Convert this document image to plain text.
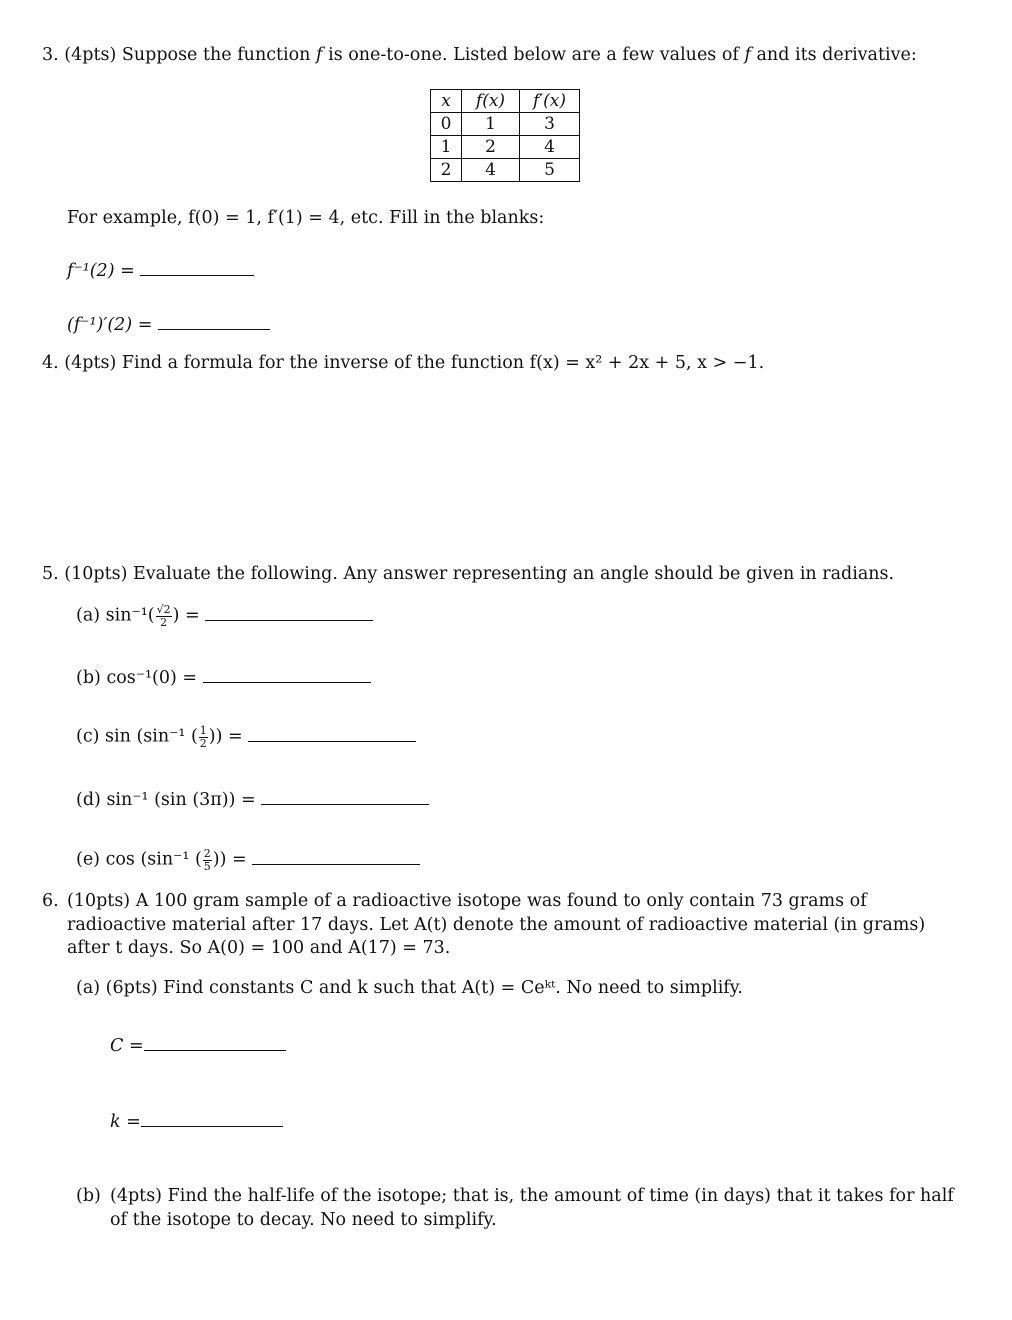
3. (4pts) Suppose the function f is one-to-one. Listed below are a few values of f and its derivative:
x	f(x)	f′(x)
0	1	3
1	2	4
2	4	5
For example, f(0) = 1, f′(1) = 4, etc. Fill in the blanks:
f⁻¹(2) =
(f⁻¹)′(2) =
4. (4pts) Find a formula for the inverse of the function f(x) = x² + 2x + 5, x > −1.
5. (10pts) Evaluate the following. Any answer representing an angle should be given in radians.
(a) $\sin^{-1}( \frac{√2}{2}$ ) =
(b) cos⁻¹(0) =
(c) sin (sin⁻¹ ( $\frac{1}{2}$ )) =
(d) sin⁻¹ (sin (3π)) =
(e) cos (sin⁻¹ ( $\frac{2}{5}$ )) =
6. (10pts) A 100 gram sample of a radioactive isotope was found to only contain 73 grams of radioactive material after 17 days. Let A(t) denote the amount of radioactive material (in grams) after t days. So A(0) = 100 and A(17) = 73.
(a) (6pts) Find constants C and k such that A(t) = Ceᵏᵗ. No need to simplify.
C =
k =
(b) (4pts) Find the half-life of the isotope; that is, the amount of time (in days) that it takes for half of the isotope to decay. No need to simplify.
